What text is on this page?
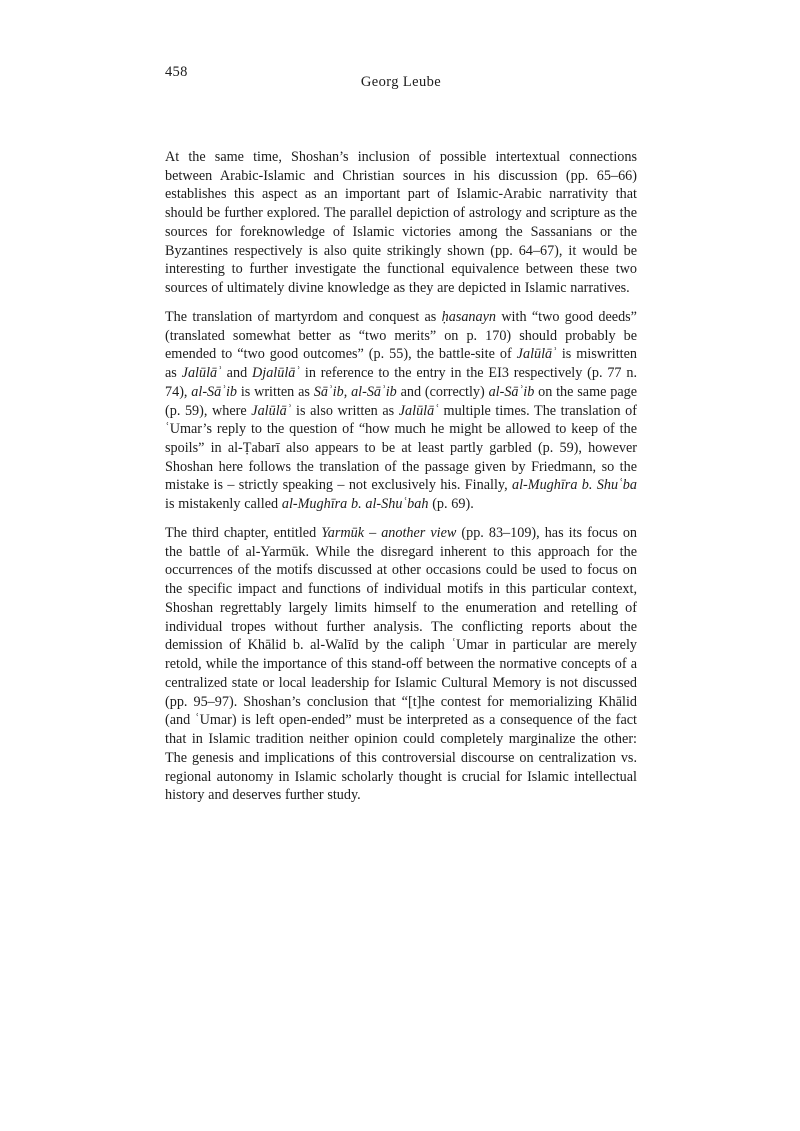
458
Georg Leube

At the same time, Shoshan’s inclusion of possible intertextual connections between Arabic-Islamic and Christian sources in his discussion (pp. 65–66) establishes this aspect as an important part of Islamic-Arabic narrativity that should be further explored. The parallel depiction of astrology and scripture as the sources for foreknowledge of Islamic victories among the Sassanians or the Byzantines respectively is also quite strikingly shown (pp. 64–67), it would be interesting to further investigate the functional equivalence between these two sources of ultimately divine knowledge as they are depicted in Islamic narratives.

The translation of martyrdom and conquest as ḥasanayn with “two good deeds” (translated somewhat better as “two merits” on p. 170) should probably be emended to “two good outcomes” (p. 55), the battle-site of Jalūlāʾ is miswritten as Jalūlāʾ and Djalūlāʾ in reference to the entry in the EI3 respectively (p. 77 n. 74), al-Sāʾib is written as Sāʾib, al-Sāʾib and (correctly) al-Sāʾib on the same page (p. 59), where Jalūlāʾ is also written as Jalūlāʿ multiple times. The translation of ʿUmar’s reply to the question of “how much he might be allowed to keep of the spoils” in al-Ṭabarī also appears to be at least partly garbled (p. 59), however Shoshan here follows the translation of the passage given by Friedmann, so the mistake is – strictly speaking – not exclusively his. Finally, al-Mughīra b. Shuʿba is mistakenly called al-Mughīra b. al-Shuʿbah (p. 69).

The third chapter, entitled Yarmūk – another view (pp. 83–109), has its focus on the battle of al-Yarmūk. While the disregard inherent to this approach for the occurrences of the motifs discussed at other occasions could be used to focus on the specific impact and functions of individual motifs in this particular context, Shoshan regrettably largely limits himself to the enumeration and retelling of individual tropes without further analysis. The conflicting reports about the demission of Khālid b. al-Walīd by the caliph ʿUmar in particular are merely retold, while the importance of this stand-off between the normative concepts of a centralized state or local leadership for Islamic Cultural Memory is not discussed (pp. 95–97). Shoshan’s conclusion that “[t]he contest for memorializing Khālid (and ʿUmar) is left open-ended” must be interpreted as a consequence of the fact that in Islamic tradition neither opinion could completely marginalize the other: The genesis and implications of this controversial discourse on centralization vs. regional autonomy in Islamic scholarly thought is crucial for Islamic intellectual history and deserves further study.
